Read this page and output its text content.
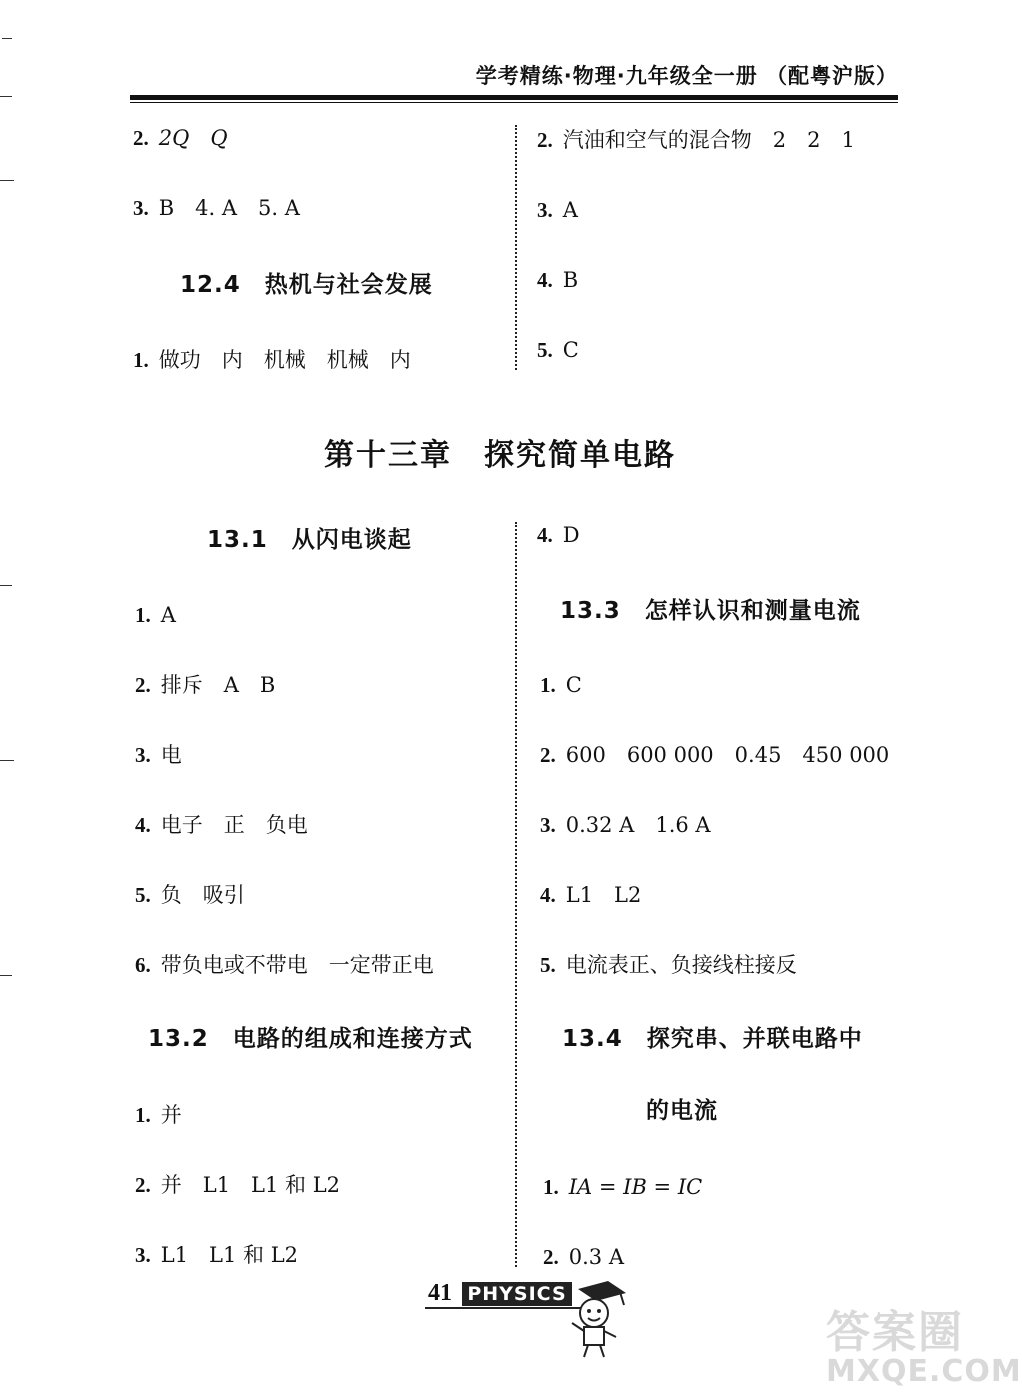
学考精练·物理·九年级全一册 （配粤沪版）
2. 2Q　Q
3. B　4. A　5. A
12.4　热机与社会发展
1. 做功　内　机械　机械　内
2. 汽油和空气的混合物　2　2　1
3. A
4. B
5. C
第十三章　探究简单电路
13.1　从闪电谈起
1. A
2. 排斥　A　B
3. 电
4. 电子　正　负电
5. 负　吸引
6. 带负电或不带电　一定带正电
13.2　电路的组成和连接方式
1. 并
2. 并　L1　L1 和 L2
3. L1　L1 和 L2
4. D
13.3　怎样认识和测量电流
1. C
2. 600　600 000　0.45　450 000
3. 0.32 A　1.6 A
4. L1　L2
5. 电流表正、负接线柱接反
13.4　探究串、并联电路中
的电流
1. IA = IB = IC
2. 0.3 A
41 PHYSICS
答案圈
MXQE.COM
